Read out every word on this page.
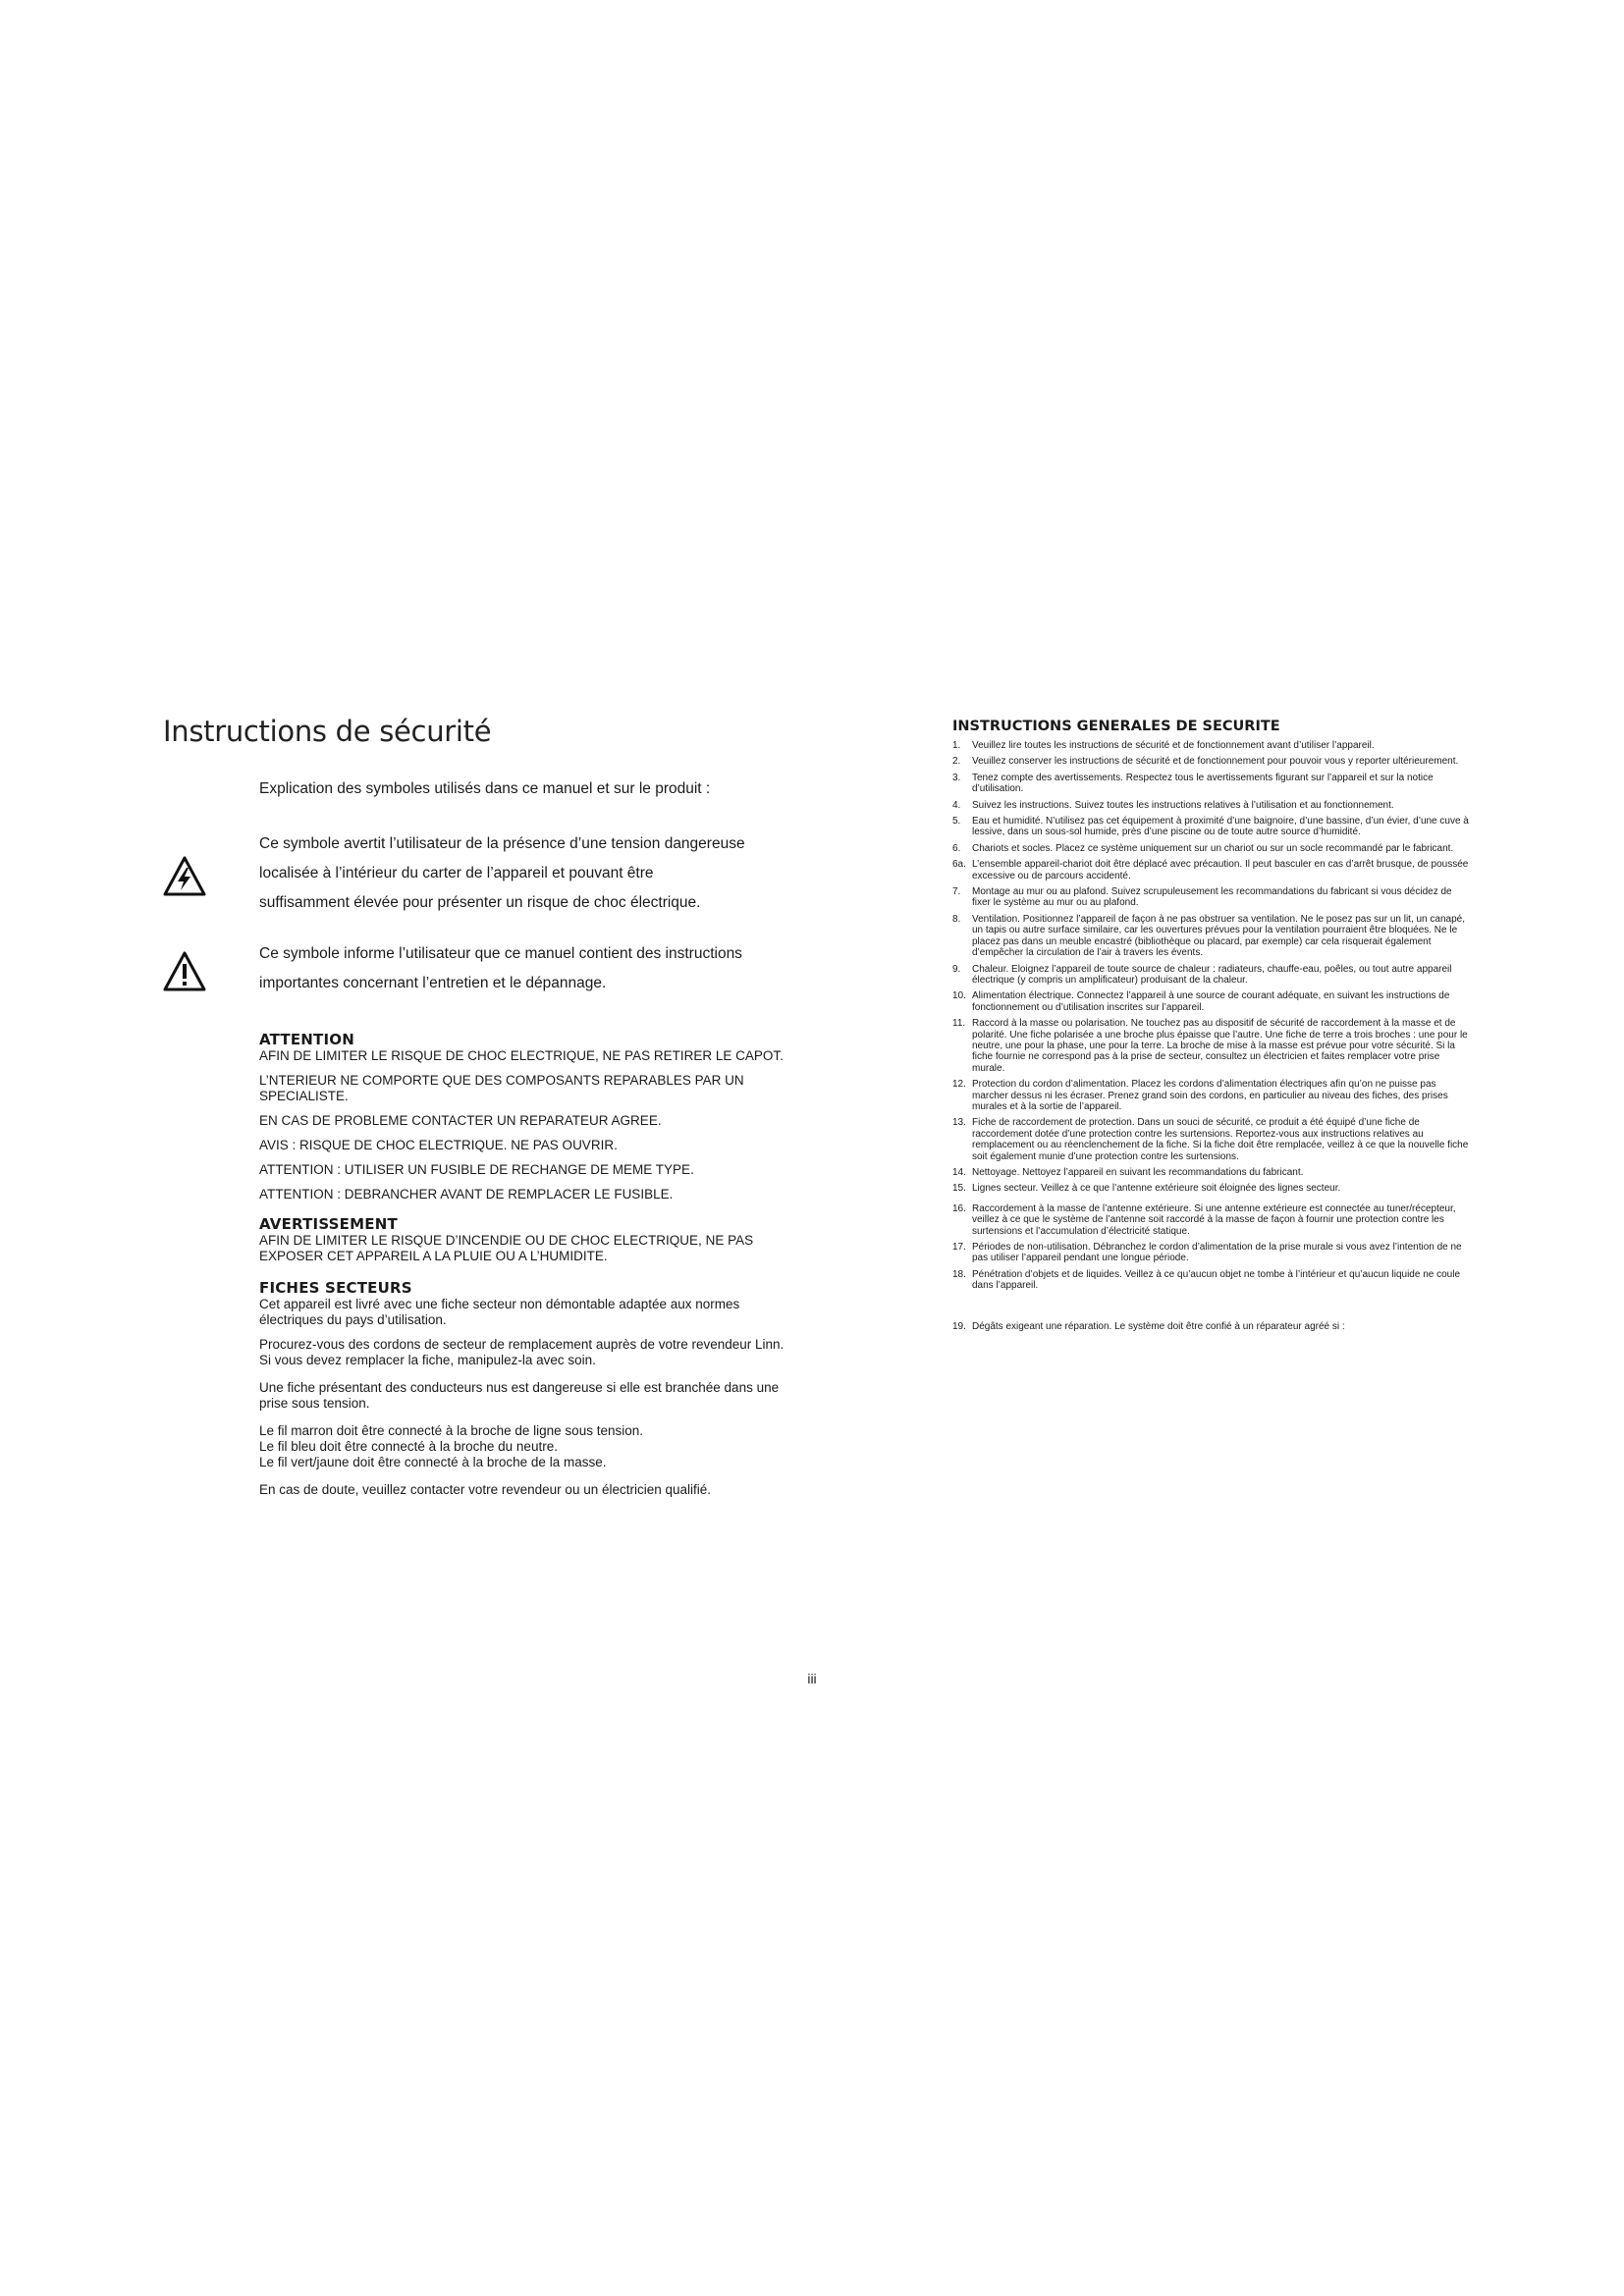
Instructions de sécurité

Explication des symboles utilisés dans ce manuel et sur le produit :

Ce symbole avertit l’utilisateur de la présence d’une tension dangereuse
localisée à l’intérieur du carter de l’appareil et pouvant être
suffisamment élevée pour présenter un risque de choc électrique.
Ce symbole informe l’utilisateur que ce manuel contient des instructions
importantes concernant l’entretien et le dépannage.
ATTENTION

AFIN DE LIMITER LE RISQUE DE CHOC ELECTRIQUE, NE PAS RETIRER LE CAPOT.

L’NTERIEUR NE COMPORTE QUE DES COMPOSANTS REPARABLES PAR UN SPECIALISTE.

EN CAS DE PROBLEME CONTACTER UN REPARATEUR AGREE.

AVIS : RISQUE DE CHOC ELECTRIQUE. NE PAS OUVRIR.

ATTENTION : UTILISER UN FUSIBLE DE RECHANGE DE MEME TYPE.

ATTENTION : DEBRANCHER AVANT DE REMPLACER LE FUSIBLE.

AVERTISSEMENT

AFIN DE LIMITER LE RISQUE D’INCENDIE OU DE CHOC ELECTRIQUE, NE PAS EXPOSER CET APPAREIL A LA PLUIE OU A L’HUMIDITE.

FICHES SECTEURS

Cet appareil est livré avec une fiche secteur non démontable adaptée aux normes électriques du pays d’utilisation.

Procurez-vous des cordons de secteur de remplacement auprès de votre revendeur Linn.

Si vous devez remplacer la fiche, manipulez-la avec soin.

Une fiche présentant des conducteurs nus est dangereuse si elle est branchée dans une prise sous tension.

Le fil marron doit être connecté à la broche de ligne sous tension.

Le fil bleu doit être connecté à la broche du neutre.

Le fil vert/jaune doit être connecté à la broche de la masse.

En cas de doute, veuillez contacter votre revendeur ou un électricien qualifié.

INSTRUCTIONS GENERALES DE SECURITE
1.	Veuillez lire toutes les instructions de sécurité et de fonctionnement avant d’utiliser l’appareil.
2.	Veuillez conserver les instructions de sécurité et de fonctionnement pour pouvoir vous y reporter ultérieurement.
3.	Tenez compte des avertissements. Respectez tous le avertissements figurant sur l’appareil et sur la notice d’utilisation.
4.	Suivez les instructions. Suivez toutes les instructions relatives à l’utilisation et au fonctionnement.
5.	Eau et humidité. N’utilisez pas cet équipement à proximité d’une baignoire, d’une bassine, d’un évier, d’une cuve à lessive, dans un sous-sol humide, près d’une piscine ou de toute autre source d’humidité.
6.	Chariots et socles. Placez ce système uniquement sur un chariot ou sur un socle recommandé par le fabricant.
6a. L’ensemble appareil-chariot doit être déplacé avec précaution. Il peut basculer en cas d’arrêt brusque, de poussée excessive ou de parcours accidenté.
7.	Montage au mur ou au plafond. Suivez scrupuleusement les recommandations du fabricant si vous décidez de fixer le système au mur ou au plafond.
8.	Ventilation. Positionnez l’appareil de façon à ne pas obstruer sa ventilation. Ne le posez pas sur un lit, un canapé, un tapis ou autre surface similaire, car les ouvertures prévues pour la ventilation pourraient être bloquées. Ne le placez pas dans un meuble encastré (bibliothèque ou placard, par exemple) car cela risquerait également d’empêcher la circulation de l’air à travers les évents.
9.	Chaleur. Eloignez l’appareil de toute source de chaleur : radiateurs, chauffe-eau, poêles, ou tout autre appareil électrique (y compris un amplificateur) produisant de la chaleur.
10. Alimentation électrique. Connectez l’appareil à une source de courant adéquate, en suivant les instructions de fonctionnement ou d’utilisation inscrites sur l’appareil.
11. Raccord à la masse ou polarisation. Ne touchez pas au dispositif de sécurité de raccordement à la masse et de polarité. Une fiche polarisée a une broche plus épaisse que l’autre. Une fiche de terre a trois broches : une pour le neutre, une pour la phase, une pour la terre. La broche de mise à la masse est prévue pour votre sécurité. Si la fiche fournie ne correspond pas à la prise de secteur, consultez un électricien et faites remplacer votre prise murale.
12. Protection du cordon d’alimentation. Placez les cordons d’alimentation électriques afin qu’on ne puisse pas marcher dessus ni les écraser. Prenez grand soin des cordons, en particulier au niveau des fiches, des prises murales et à la sortie de l’appareil.
13. Fiche de raccordement de protection. Dans un souci de sécurité, ce produit a été équipé d’une fiche de raccordement dotée d’une protection contre les surtensions. Reportez-vous aux instructions relatives au remplacement ou au réenclenchement de la fiche. Si la fiche doit être remplacée, veillez à ce que la nouvelle fiche soit également munie d’une protection contre les surtensions.
14. Nettoyage. Nettoyez l’appareil en suivant les recommandations du fabricant.
15. Lignes secteur. Veillez à ce que l’antenne extérieure soit éloignée des lignes secteur.
16. Raccordement à la masse de l’antenne extérieure. Si une antenne extérieure est connectée au tuner/récepteur, veillez à ce que le système de l’antenne soit raccordé à la masse de façon à fournir une protection contre les surtensions et l’accumulation d’électricité statique.
17. Périodes de non-utilisation. Débranchez le cordon d’alimentation de la prise murale si vous avez l’intention de ne pas utiliser l’appareil pendant une longue période.
18. Pénétration d’objets et de liquides. Veillez à ce qu’aucun objet ne tombe à l’intérieur et qu’aucun liquide ne coule dans l’appareil.
19. Dégâts exigeant une réparation. Le système doit être confié à un réparateur agréé si :
iii
